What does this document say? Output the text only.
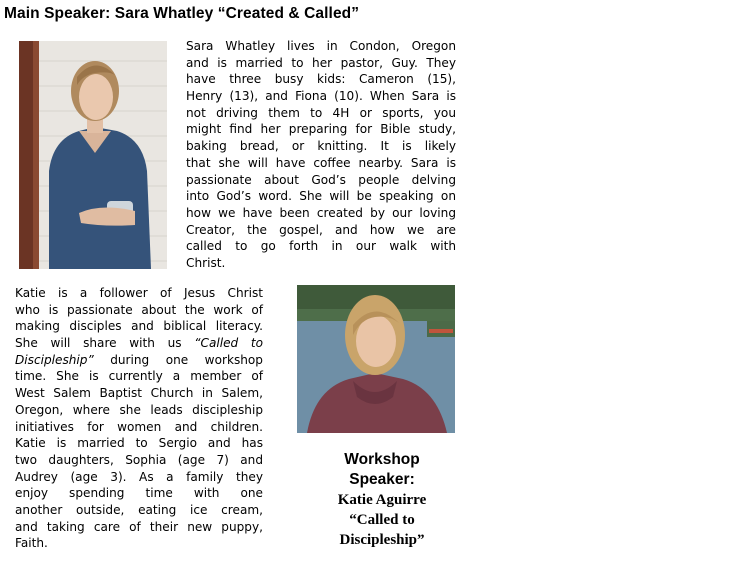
Main Speaker: Sara Whatley “Created & Called”
Sara Whatley lives in Condon, Oregon
and is married to her pastor, Guy. They
have three busy kids: Cameron (15),
Henry (13), and Fiona (10). When Sara is
not driving them to 4H or sports, you
might find her preparing for Bible study,
baking bread, or knitting. It is likely
that she will have coffee nearby. Sara is
passionate about God’s people delving
into God’s word. She will be speaking on
how we have been created by our loving
Creator, the gospel, and how we are
called to go forth in our walk with
Christ.
Katie is a follower of Jesus Christ
who is passionate about the work of
making disciples and biblical literacy.
She will share with us “Called to
Discipleship” during one workshop
time. She is currently a member of
West Salem Baptist Church in Salem,
Oregon, where she leads discipleship
initiatives for women and children.
Katie is married to Sergio and has
two daughters, Sophia (age 7) and
Audrey (age 3). As a family they
enjoy spending time with one
another outside, eating ice cream,
and taking care of their new puppy,
Faith.
Workshop
Speaker:
Katie Aguirre
“Called to
Discipleship”
